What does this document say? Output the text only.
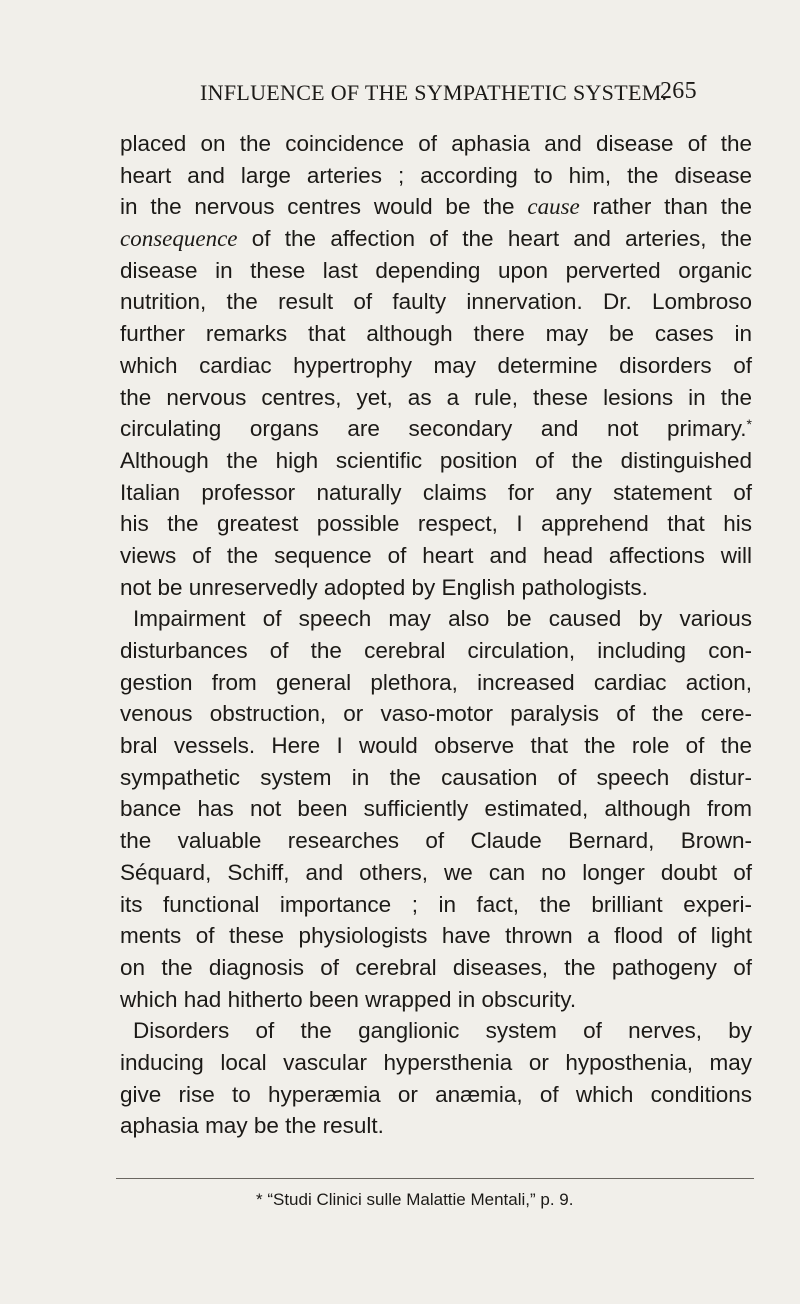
INFLUENCE OF THE SYMPATHETIC SYSTEM.
265
placed on the coincidence of aphasia and disease of the
heart and large arteries ; according to him, the disease
in the nervous centres would be the cause rather than the
consequence of the affection of the heart and arteries, the
disease in these last depending upon perverted organic
nutrition, the result of faulty innervation. Dr. Lombroso
further remarks that although there may be cases in
which cardiac hypertrophy may determine disorders of
the nervous centres, yet, as a rule, these lesions in the
circulating organs are secondary and not primary.*
Although the high scientific position of the distinguished
Italian professor naturally claims for any statement of
his the greatest possible respect, I apprehend that his
views of the sequence of heart and head affections will
not be unreservedly adopted by English pathologists.
Impairment of speech may also be caused by various
disturbances of the cerebral circulation, including con-
gestion from general plethora, increased cardiac action,
venous obstruction, or vaso-motor paralysis of the cere-
bral vessels. Here I would observe that the role of the
sympathetic system in the causation of speech distur-
bance has not been sufficiently estimated, although from
the valuable researches of Claude Bernard, Brown-
Séquard, Schiff, and others, we can no longer doubt of
its functional importance ; in fact, the brilliant experi-
ments of these physiologists have thrown a flood of light
on the diagnosis of cerebral diseases, the pathogeny of
which had hitherto been wrapped in obscurity.
Disorders of the ganglionic system of nerves, by
inducing local vascular hypersthenia or hyposthenia, may
give rise to hyperæmia or anæmia, of which conditions
aphasia may be the result.
* “Studi Clinici sulle Malattie Mentali,” p. 9.
